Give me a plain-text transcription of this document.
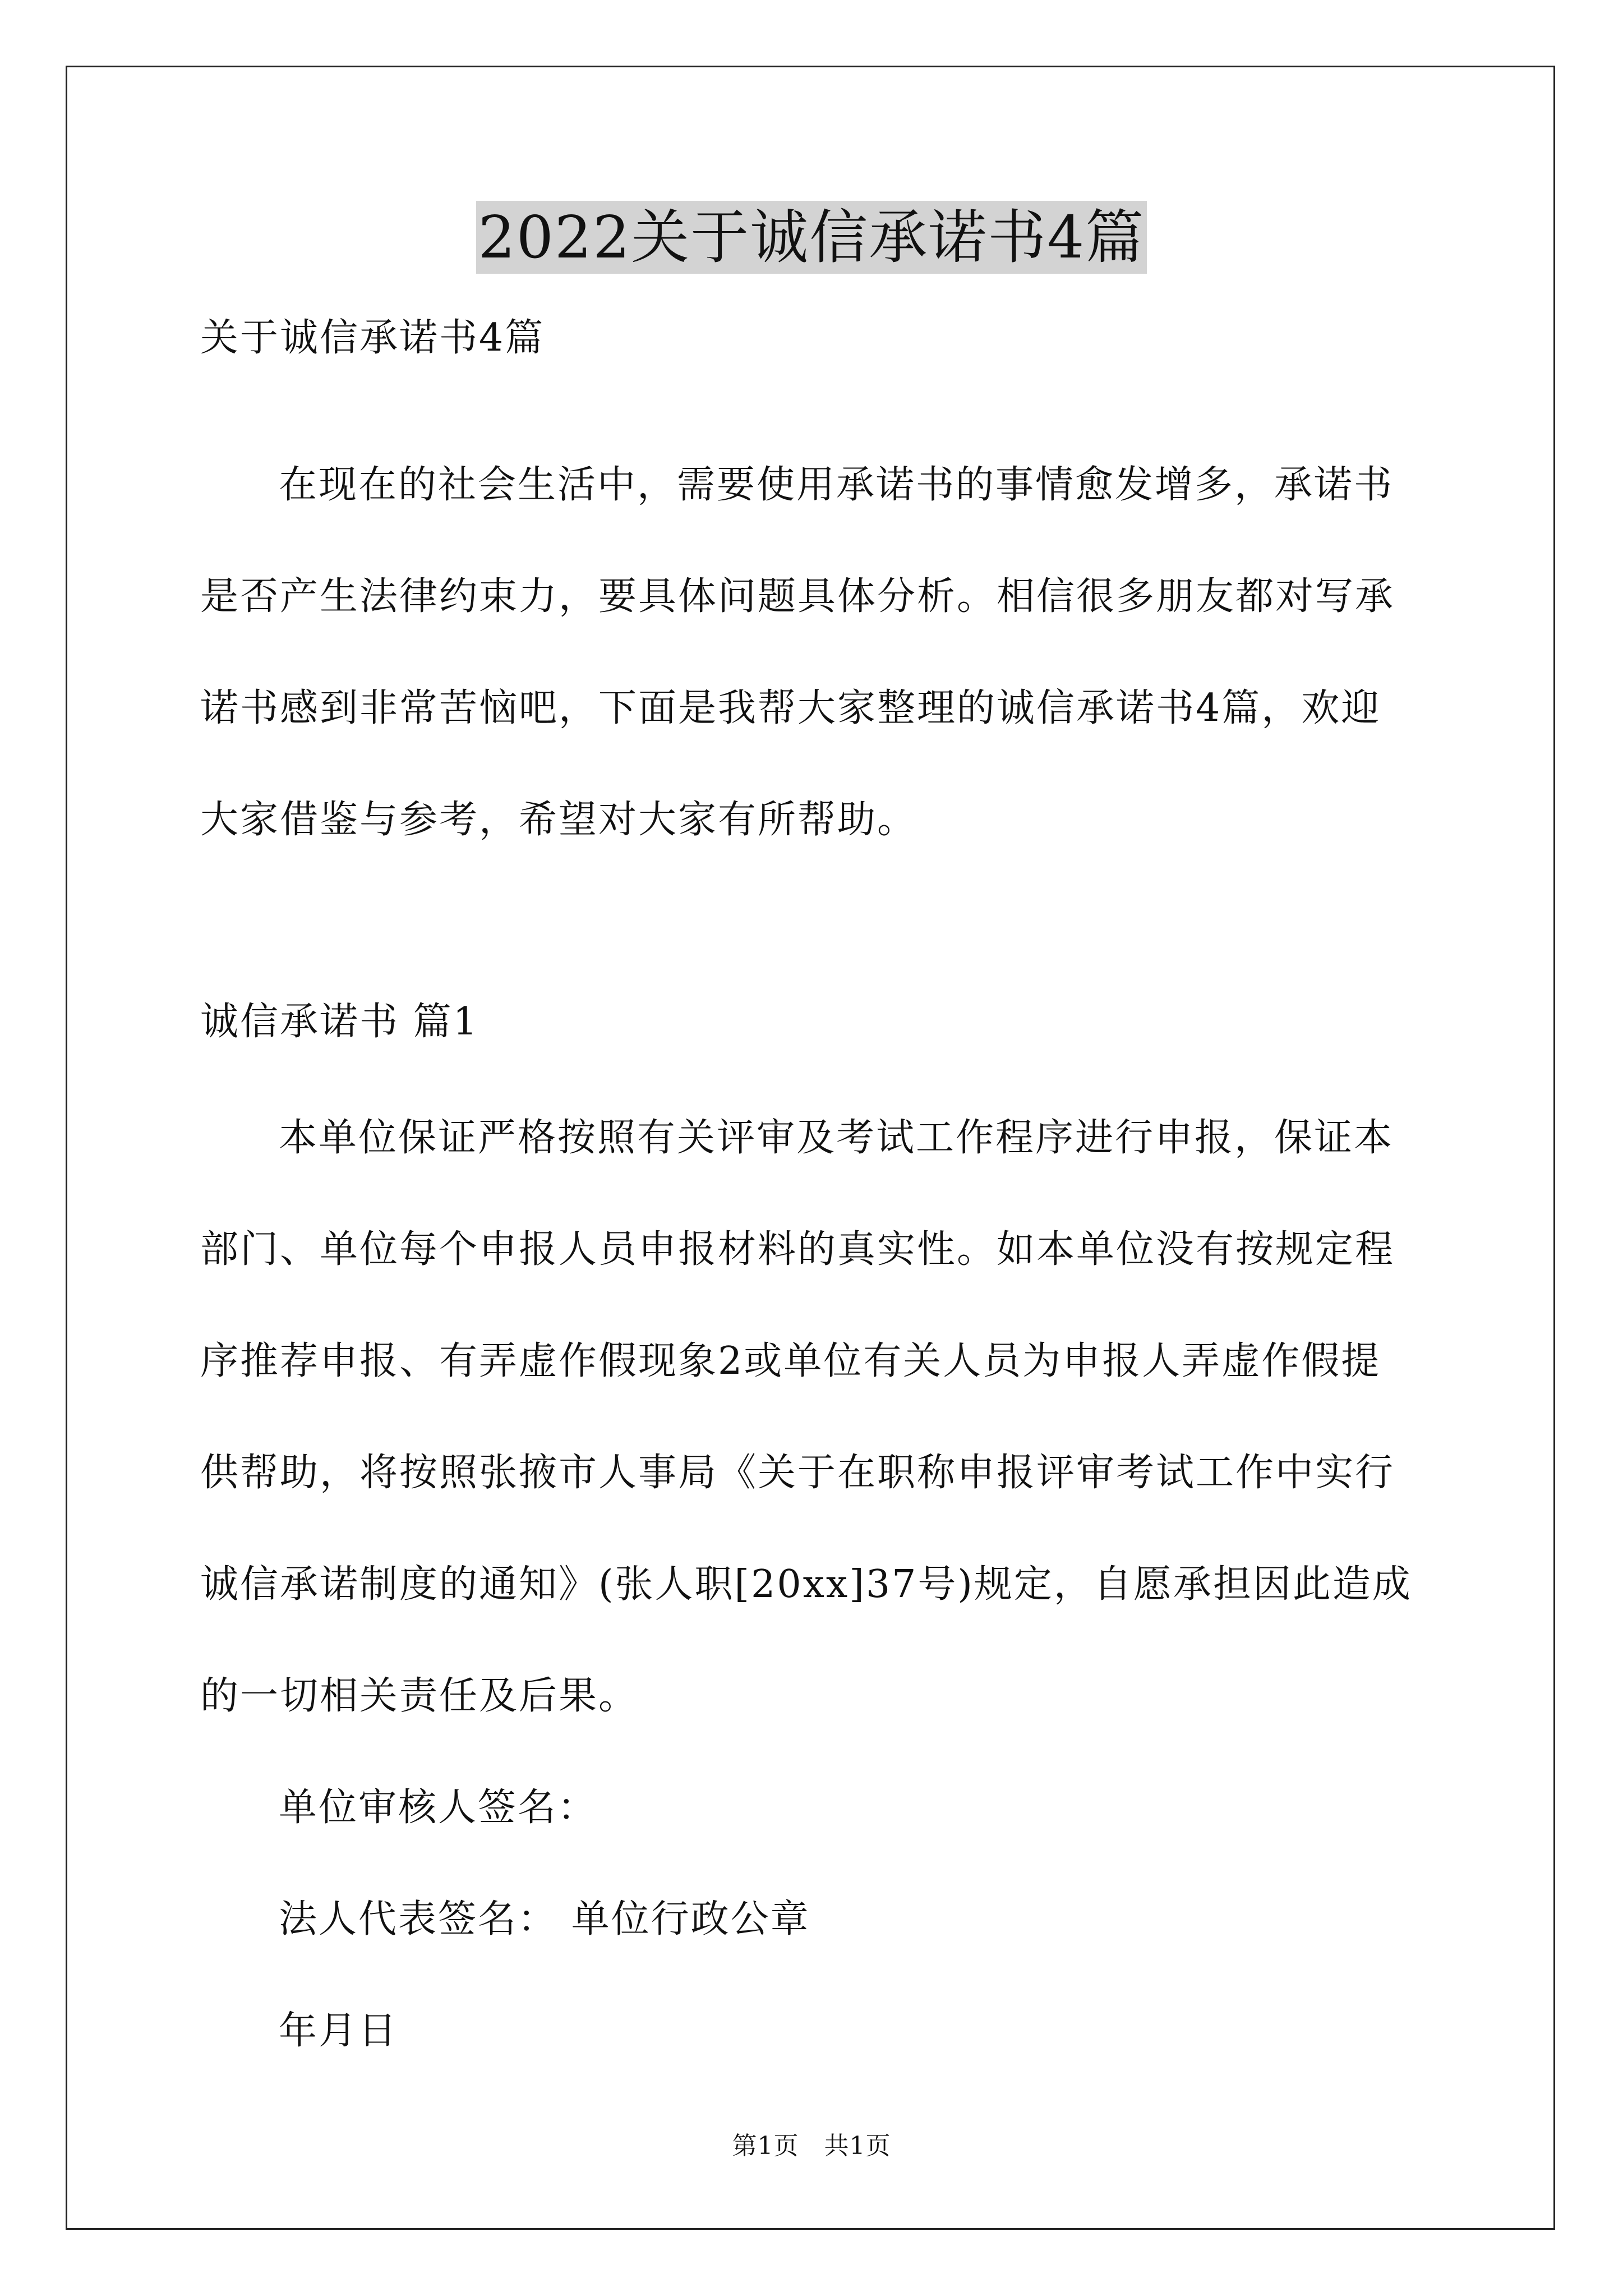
2022关于诚信承诺书4篇
关于诚信承诺书4篇
在现在的社会生活中，需要使用承诺书的事情愈发增多，承诺书
是否产生法律约束力，要具体问题具体分析。相信很多朋友都对写承
诺书感到非常苦恼吧，下面是我帮大家整理的诚信承诺书4篇，欢迎
大家借鉴与参考，希望对大家有所帮助。
诚信承诺书 篇1
本单位保证严格按照有关评审及考试工作程序进行申报，保证本
部门、单位每个申报人员申报材料的真实性。如本单位没有按规定程
序推荐申报、有弄虚作假现象2或单位有关人员为申报人弄虚作假提
供帮助，将按照张掖市人事局《关于在职称申报评审考试工作中实行
诚信承诺制度的通知》(张人职[20xx]37号)规定，自愿承担因此造成
的一切相关责任及后果。
单位审核人签名：
法人代表签名： 单位行政公章
年月日
第1页　共1页
